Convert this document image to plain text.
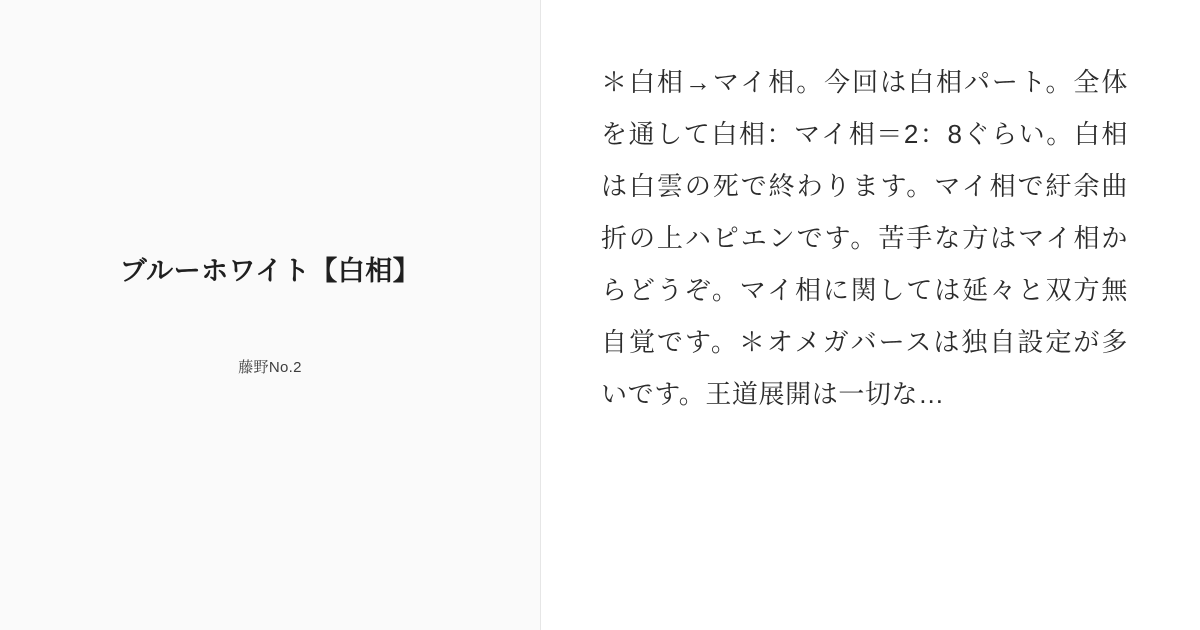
ブルーホワイト【白相】
藤野No.2

＊白相→マイ相。今回は白相パート。全体を通して白相：マイ相＝2：8ぐらい。白相は白雲の死で終わります。マイ相で紆余曲折の上ハピエンです。苦手な方はマイ相からどうぞ。マイ相に関しては延々と双方無自覚です。＊オメガバースは独自設定が多いです。王道展開は一切な…
